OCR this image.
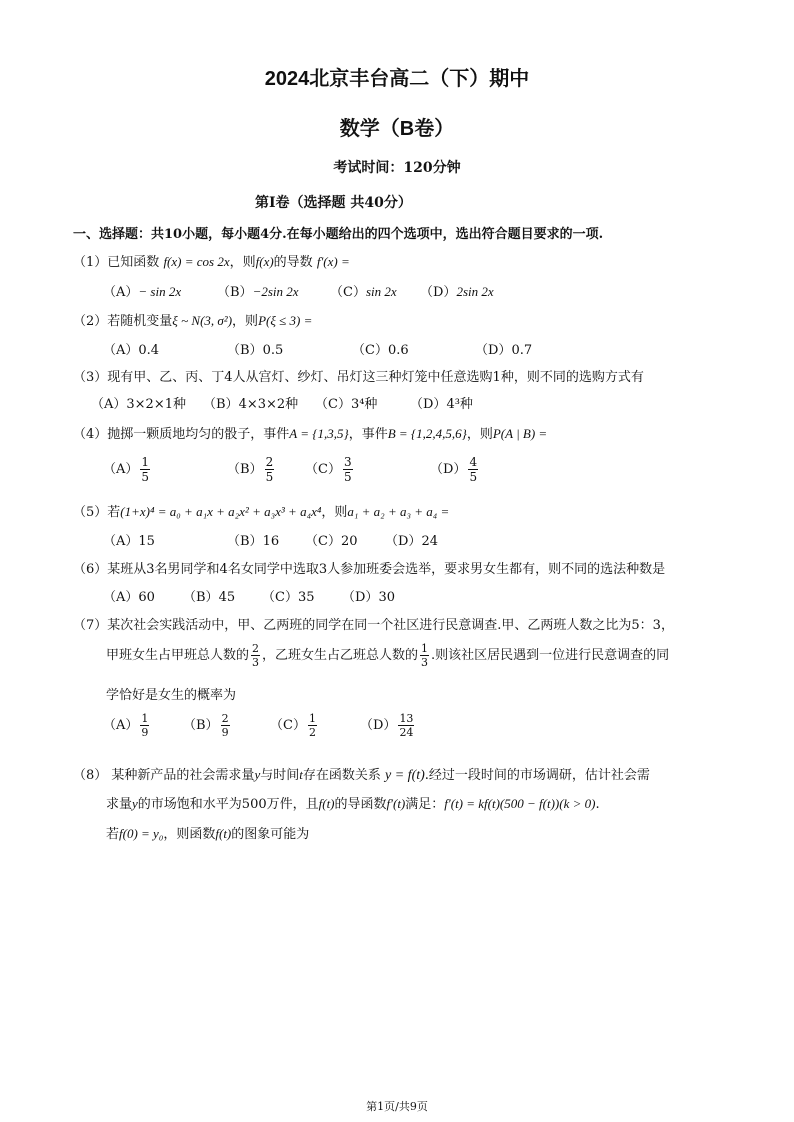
2024北京丰台高二（下）期中
数学（B卷）
考试时间：120分钟
第I卷（选择题 共40分）
一、选择题：共10小题，每小题4分.在每小题给出的四个选项中，选出符合题目要求的一项.
（1）已知函数 f(x) = cos 2x，则f(x)的导数 f′(x) =
（A）− sin 2x	（B）−2sin 2x （C）sin 2x （D）2sin 2x
（2）若随机变量ξ ~ N(3, σ²)，则P(ξ ≤ 3) =
（A）0.4	（B）0.5	（C）0.6	（D）0.7
（3）现有甲、乙、丙、丁4人从宫灯、纱灯、吊灯这三种灯笼中任意选购1种，则不同的选购方式有
（A）3×2×1种 （B）4×3×2种 （C）3⁴种	（D）4³种
（4）抛掷一颗质地均匀的骰子，事件A = {1,3,5}，事件B = {1,2,4,5,6}，则P(A | B) =
$(A) \frac{1}{5}$	$(B) \frac{2}{5} (C) \frac{3}{5}$	$(D) \frac{4}{5}$
（5）若(1+x)⁴ = a₀ + a₁x + a₂x² + a₃x³ + a₄x⁴，则a₁ + a₂ + a₃ + a₄ =
（A）15	（B）16 （C）20 （D）24
（6）某班从3名男同学和4名女同学中选取3人参加班委会选举，要求男女生都有，则不同的选法种数是
（A）60 （B）45 （C）35 （D）30
（7）某次社会实践活动中，甲、乙两班的同学在同一个社区进行民意调查.甲、乙两班人数之比为5：3，
甲班女生占甲班总人数的 $\frac{2}{3}$ ，乙班女生占乙班总人数的 $\frac{1}{3}$ .则该社区居民遇到一位进行民意调查的同
学恰好是女生的概率为
$(A) \frac{1}{9}$	$(B) \frac{2}{9}$	$(C) \frac{1}{2}$	$(D) \frac{13}{24}$
（8） 某种新产品的社会需求量y与时间t存在函数关系 y = f(t).经过一段时间的市场调研，估计社会需
求量y的市场饱和水平为500万件，且f(t)的导函数f′(t)满足：f′(t) = kf(t)(500 − f(t))(k > 0).
若f(0) = y₀，则函数f(t)的图象可能为
第1页/共9页
